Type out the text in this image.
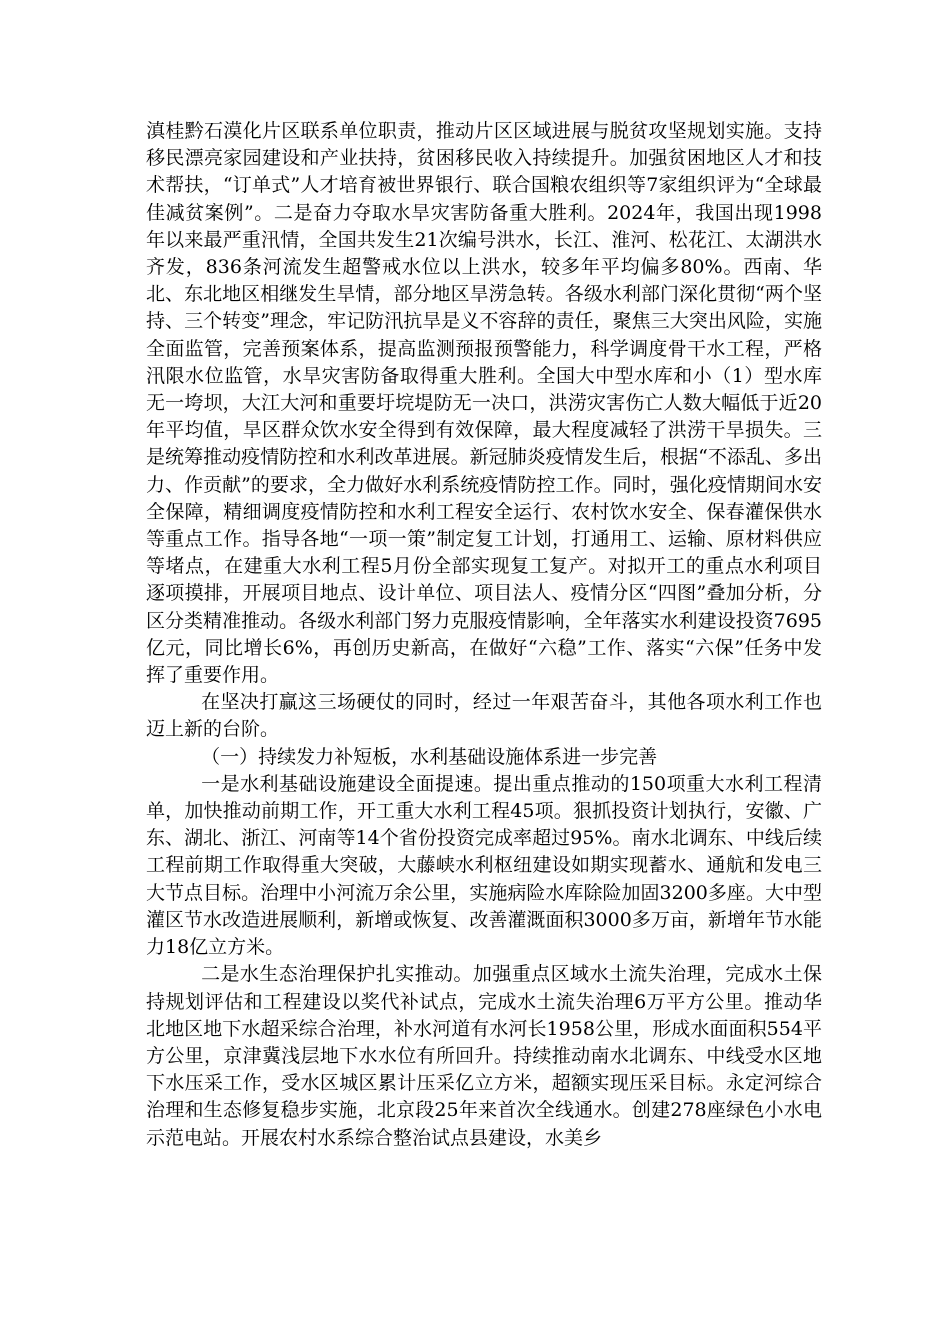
滇桂黔石漠化片区联系单位职责，推动片区区域进展与脱贫攻坚规划实施。支持移民漂亮家园建设和产业扶持，贫困移民收入持续提升。加强贫困地区人才和技术帮扶，“订单式”人才培育被世界银行、联合国粮农组织等7家组织评为“全球最佳减贫案例”。二是奋力夺取水旱灾害防备重大胜利。2024年，我国出现1998年以来最严重汛情，全国共发生21次编号洪水，长江、淮河、松花江、太湖洪水齐发，836条河流发生超警戒水位以上洪水，较多年平均偏多80%。西南、华北、东北地区相继发生旱情，部分地区旱涝急转。各级水利部门深化贯彻“两个坚持、三个转变”理念，牢记防汛抗旱是义不容辞的责任，聚焦三大突出风险，实施全面监管，完善预案体系，提高监测预报预警能力，科学调度骨干水工程，严格汛限水位监管，水旱灾害防备取得重大胜利。全国大中型水库和小（1）型水库无一垮坝，大江大河和重要圩垸堤防无一决口，洪涝灾害伤亡人数大幅低于近20年平均值，旱区群众饮水安全得到有效保障，最大程度减轻了洪涝干旱损失。三是统筹推动疫情防控和水利改革进展。新冠肺炎疫情发生后，根据“不添乱、多出力、作贡献”的要求，全力做好水利系统疫情防控工作。同时，强化疫情期间水安全保障，精细调度疫情防控和水利工程安全运行、农村饮水安全、保春灌保供水等重点工作。指导各地“一项一策”制定复工计划，打通用工、运输、原材料供应等堵点，在建重大水利工程5月份全部实现复工复产。对拟开工的重点水利项目逐项摸排，开展项目地点、设计单位、项目法人、疫情分区“四图”叠加分析，分区分类精准推动。各级水利部门努力克服疫情影响，全年落实水利建设投资7695亿元，同比增长6%，再创历史新高，在做好“六稳”工作、落实“六保”任务中发挥了重要作用。

在坚决打赢这三场硬仗的同时，经过一年艰苦奋斗，其他各项水利工作也迈上新的台阶。

（一）持续发力补短板，水利基础设施体系进一步完善

一是水利基础设施建设全面提速。提出重点推动的150项重大水利工程清单，加快推动前期工作，开工重大水利工程45项。狠抓投资计划执行，安徽、广东、湖北、浙江、河南等14个省份投资完成率超过95%。南水北调东、中线后续工程前期工作取得重大突破，大藤峡水利枢纽建设如期实现蓄水、通航和发电三大节点目标。治理中小河流万余公里，实施病险水库除险加固3200多座。大中型灌区节水改造进展顺利，新增或恢复、改善灌溉面积3000多万亩，新增年节水能力18亿立方米。

二是水生态治理保护扎实推动。加强重点区域水土流失治理，完成水土保持规划评估和工程建设以奖代补试点，完成水土流失治理6万平方公里。推动华北地区地下水超采综合治理，补水河道有水河长1958公里，形成水面面积554平方公里，京津冀浅层地下水水位有所回升。持续推动南水北调东、中线受水区地下水压采工作，受水区城区累计压采亿立方米，超额实现压采目标。永定河综合治理和生态修复稳步实施，北京段25年来首次全线通水。创建278座绿色小水电示范电站。开展农村水系综合整治试点县建设，水美乡
